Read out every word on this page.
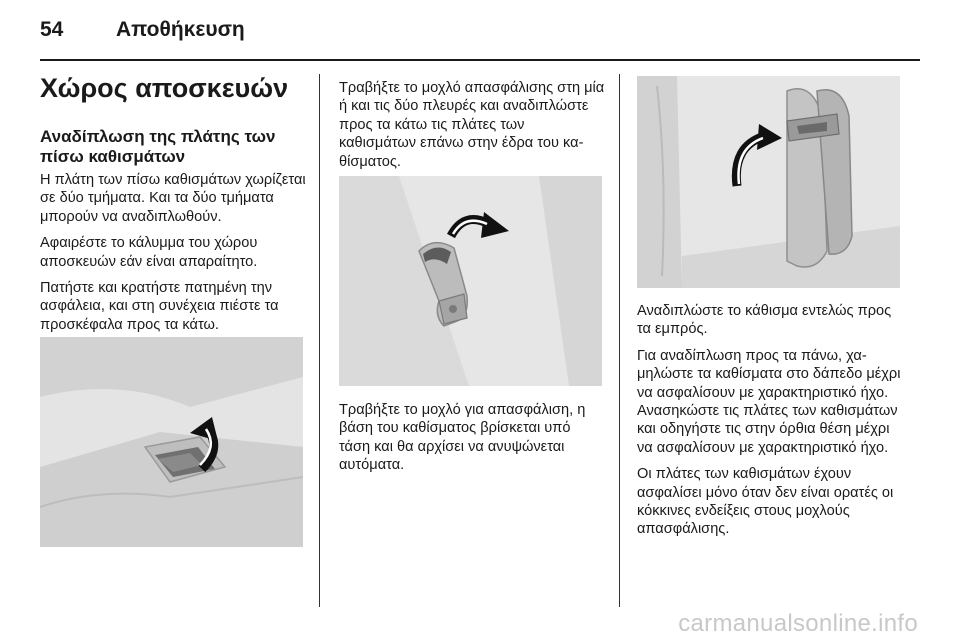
54	Αποθήκευση
Χώρος αποσκευών
Αναδίπλωση της πλάτης των πίσω καθισμάτων

Η πλάτη των πίσω καθισμάτων χωρίζεται σε δύο τμήματα. Και τα δύο τμήματα μπορούν να αναδιπλωθούν.

Αφαιρέστε το κάλυμμα του χώρου αποσκευών εάν είναι απαραίτητο.

Πατήστε και κρατήστε πατημένη την ασφάλεια, και στη συνέχεια πιέστε τα προσκέφαλα προς τα κάτω.

Τραβήξτε το μοχλό απασφάλισης στη μία ή και τις δύο πλευρές και αναδιπλώστε προς τα κάτω τις πλάτες των καθισμάτων επάνω στην έδρα του καθίσματος.

Τραβήξτε το μοχλό για απασφάλιση, η βάση του καθίσματος βρίσκεται υπό τάση και θα αρχίσει να ανυψώνεται αυτόματα.

Αναδιπλώστε το κάθισμα εντελώς προς τα εμπρός.

Για αναδίπλωση προς τα πάνω, χαμηλώστε τα καθίσματα στο δάπεδο μέχρι να ασφαλίσουν με χαρακτηριστικό ήχο. Ανασηκώστε τις πλάτες των καθισμάτων και οδηγήστε τις στην όρθια θέση μέχρι να ασφαλίσουν με χαρακτηριστικό ήχο.

Οι πλάτες των καθισμάτων έχουν ασφαλίσει μόνο όταν δεν είναι ορατές οι κόκκινες ενδείξεις στους μοχλούς απασφάλισης.

carmanualsonline.info
